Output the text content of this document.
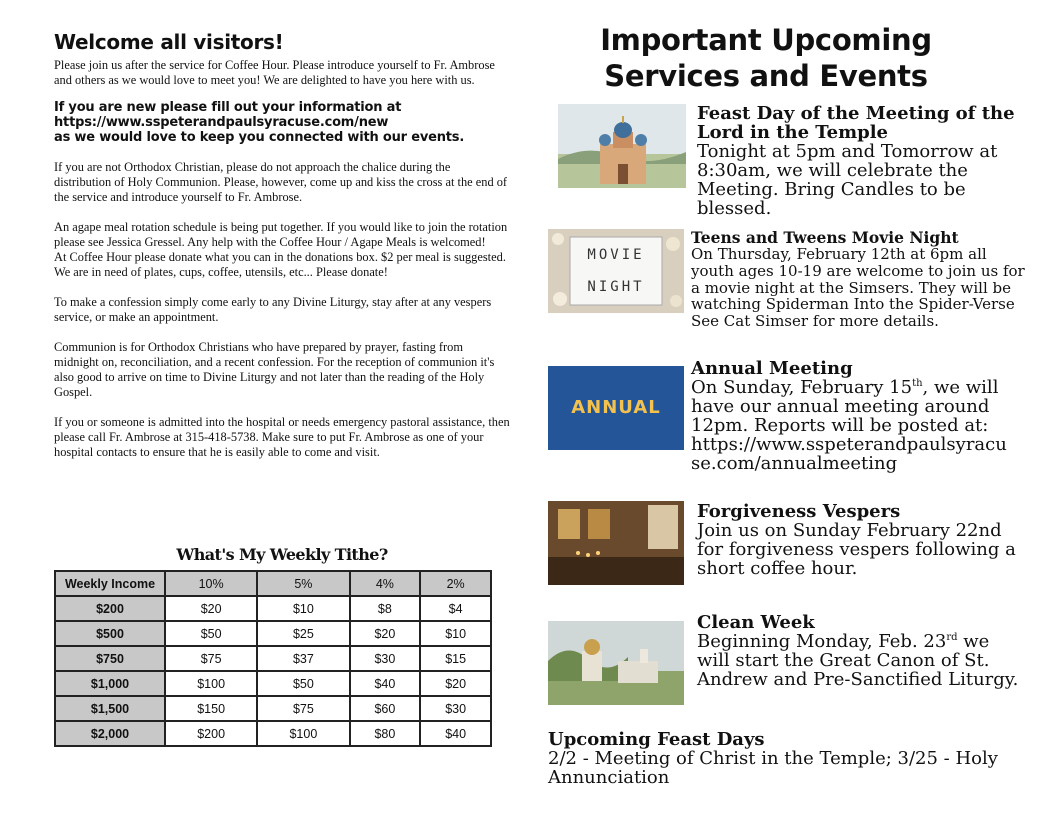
Welcome all visitors!

Please join us after the service for Coffee Hour. Please introduce yourself to Fr. Ambrose and others as we would love to meet you! We are delighted to have you here with us.

If you are new please fill out your information at
https://www.sspeterandpaulsyracuse.com/new
as we would love to keep you connected with our events.

If you are not Orthodox Christian, please do not approach the chalice during the distribution of Holy Communion. Please, however, come up and kiss the cross at the end of the service and introduce yourself to Fr. Ambrose.

An agape meal rotation schedule is being put together. If you would like to join the rotation please see Jessica Gressel. Any help with the Coffee Hour / Agape Meals is welcomed!

At Coffee Hour please donate what you can in the donations box. $2 per meal is suggested. We are in need of plates, cups, coffee, utensils, etc... Please donate!

To make a confession simply come early to any Divine Liturgy, stay after at any vespers service, or make an appointment.

Communion is for Orthodox Christians who have prepared by prayer, fasting from midnight on, reconciliation, and a recent confession. For the reception of communion it's also good to arrive on time to Divine Liturgy and not later than the reading of the Holy Gospel.

If you or someone is admitted into the hospital or needs emergency pastoral assistance, then please call Fr. Ambrose at 315-418-5738. Make sure to put Fr. Ambrose as one of your hospital contacts to ensure that he is easily able to come and visit.

What's My Weekly Tithe?
Weekly Income	10%	5%	4%	2%
$200	$20	$10	$8	$4
$500	$50	$25	$20	$10
$750	$75	$37	$30	$15
$1,000	$100	$50	$40	$20
$1,500	$150	$75	$60	$30
$2,000	$200	$100	$80	$40
Important Upcoming
Services and Events
Feast Day of the Meeting of the Lord in the Temple
Tonight at 5pm and Tomorrow at 8:30am, we will celebrate the Meeting. Bring Candles to be blessed.
MOVIE
NIGHT
Teens and Tweens Movie Night
On Thursday, February 12th at 6pm all youth ages 10-19 are welcome to join us for a movie night at the Simsers. They will be watching Spiderman Into the Spider-Verse See Cat Simser for more details.
ANNUAL
Annual Meeting
On Sunday, February 15th, we will have our annual meeting around 12pm. Reports will be posted at: https://www.sspeterandpaulsyracu se.com/annualmeeting
Forgiveness Vespers
Join us on Sunday February 22nd for forgiveness vespers following a short coffee hour.
Clean Week
Beginning Monday, Feb. 23rd we will start the Great Canon of St. Andrew and Pre-Sanctified Liturgy.
Upcoming Feast Days
2/2 - Meeting of Christ in the Temple; 3/25 - Holy Annunciation
